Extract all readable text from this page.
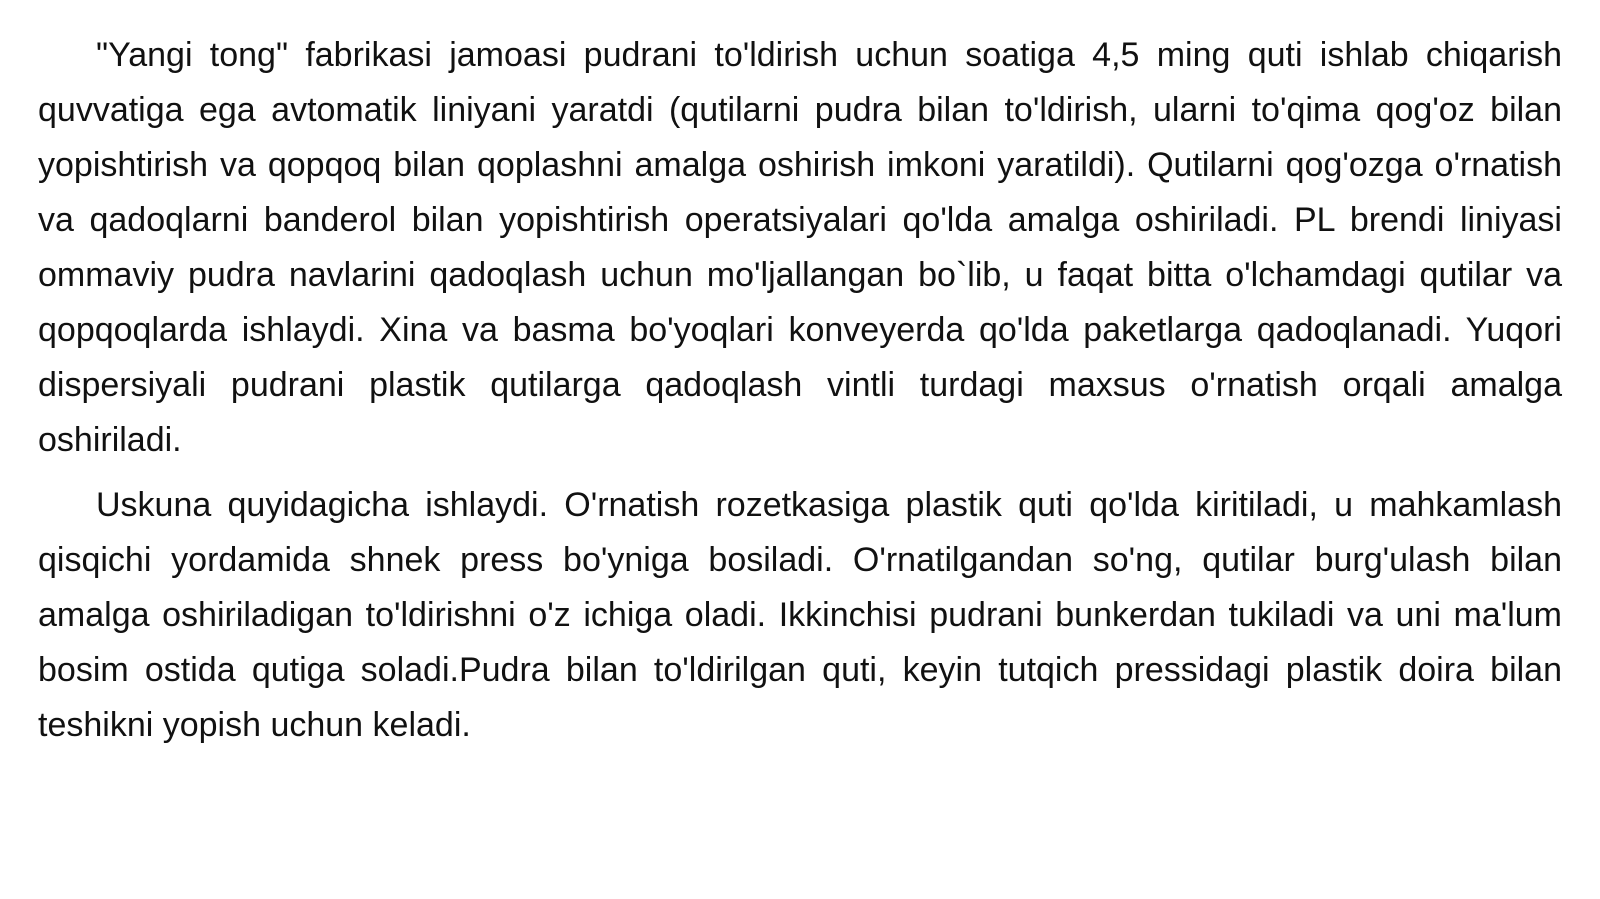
"Yangi tong" fabrikasi jamoasi pudrani to'ldirish uchun soatiga 4,5 ming quti ishlab chiqarish quvvatiga ega avtomatik liniyani yaratdi (qutilarni pudra bilan to'ldirish, ularni to'qima qog'oz bilan yopishtirish va qopqoq bilan qoplashni amalga oshirish imkoni yaratildi). Qutilarni qog'ozga o'rnatish va qadoqlarni banderol bilan yopishtirish operatsiyalari qo'lda amalga oshiriladi. PL brendi liniyasi ommaviy pudra navlarini qadoqlash uchun mo'ljallangan bo`lib, u faqat bitta o'lchamdagi qutilar va qopqoqlarda ishlaydi. Xina va basma bo'yoqlari konveyerda qo'lda paketlarga qadoqlanadi. Yuqori dispersiyali pudrani plastik qutilarga qadoqlash vintli turdagi maxsus o'rnatish orqali amalga oshiriladi.

Uskuna quyidagicha ishlaydi. O'rnatish rozetkasiga plastik quti qo'lda kiritiladi, u mahkamlash qisqichi yordamida shnek press bo'yniga bosiladi. O'rnatilgandan so'ng, qutilar burg'ulash bilan amalga oshiriladigan to'ldirishni o'z ichiga oladi. Ikkinchisi pudrani bunkerdan tukiladi va uni ma'lum bosim ostida qutiga soladi.Pudra bilan to'ldirilgan quti, keyin tutqich pressidagi plastik doira bilan teshikni yopish uchun keladi.
